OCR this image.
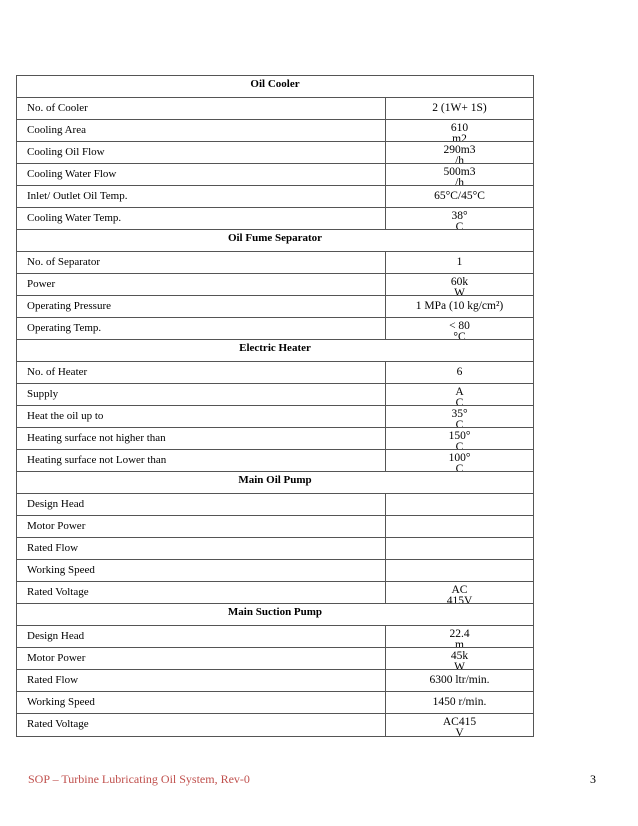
Oil Cooler
No. of Cooler	2 (1W+ 1S)
Cooling Area	610
m2
Cooling Oil Flow	290m3
/h
Cooling Water Flow	500m3
/h
Inlet/ Outlet Oil Temp.	65°C/45°C
Cooling Water Temp.	38°
C
Oil Fume Separator
No. of Separator	1
Power	60k
W
Operating Pressure	1 MPa (10 kg/cm²)
Operating Temp.	< 80
°C
Electric Heater
No. of Heater	6
Supply	A
C
Heat the oil up to	35°
C
Heating surface not higher than	150°
C
Heating surface not Lower than	100°
C
Main Oil Pump
Design Head
Motor Power
Rated Flow
Working Speed
Rated Voltage	AC
415V
Main Suction Pump
Design Head	22.4
m
Motor Power	45k
W
Rated Flow	6300 ltr/min.
Working Speed	1450 r/min.
Rated Voltage	AC415
V
SOP – Turbine Lubricating Oil System, Rev-0	3
